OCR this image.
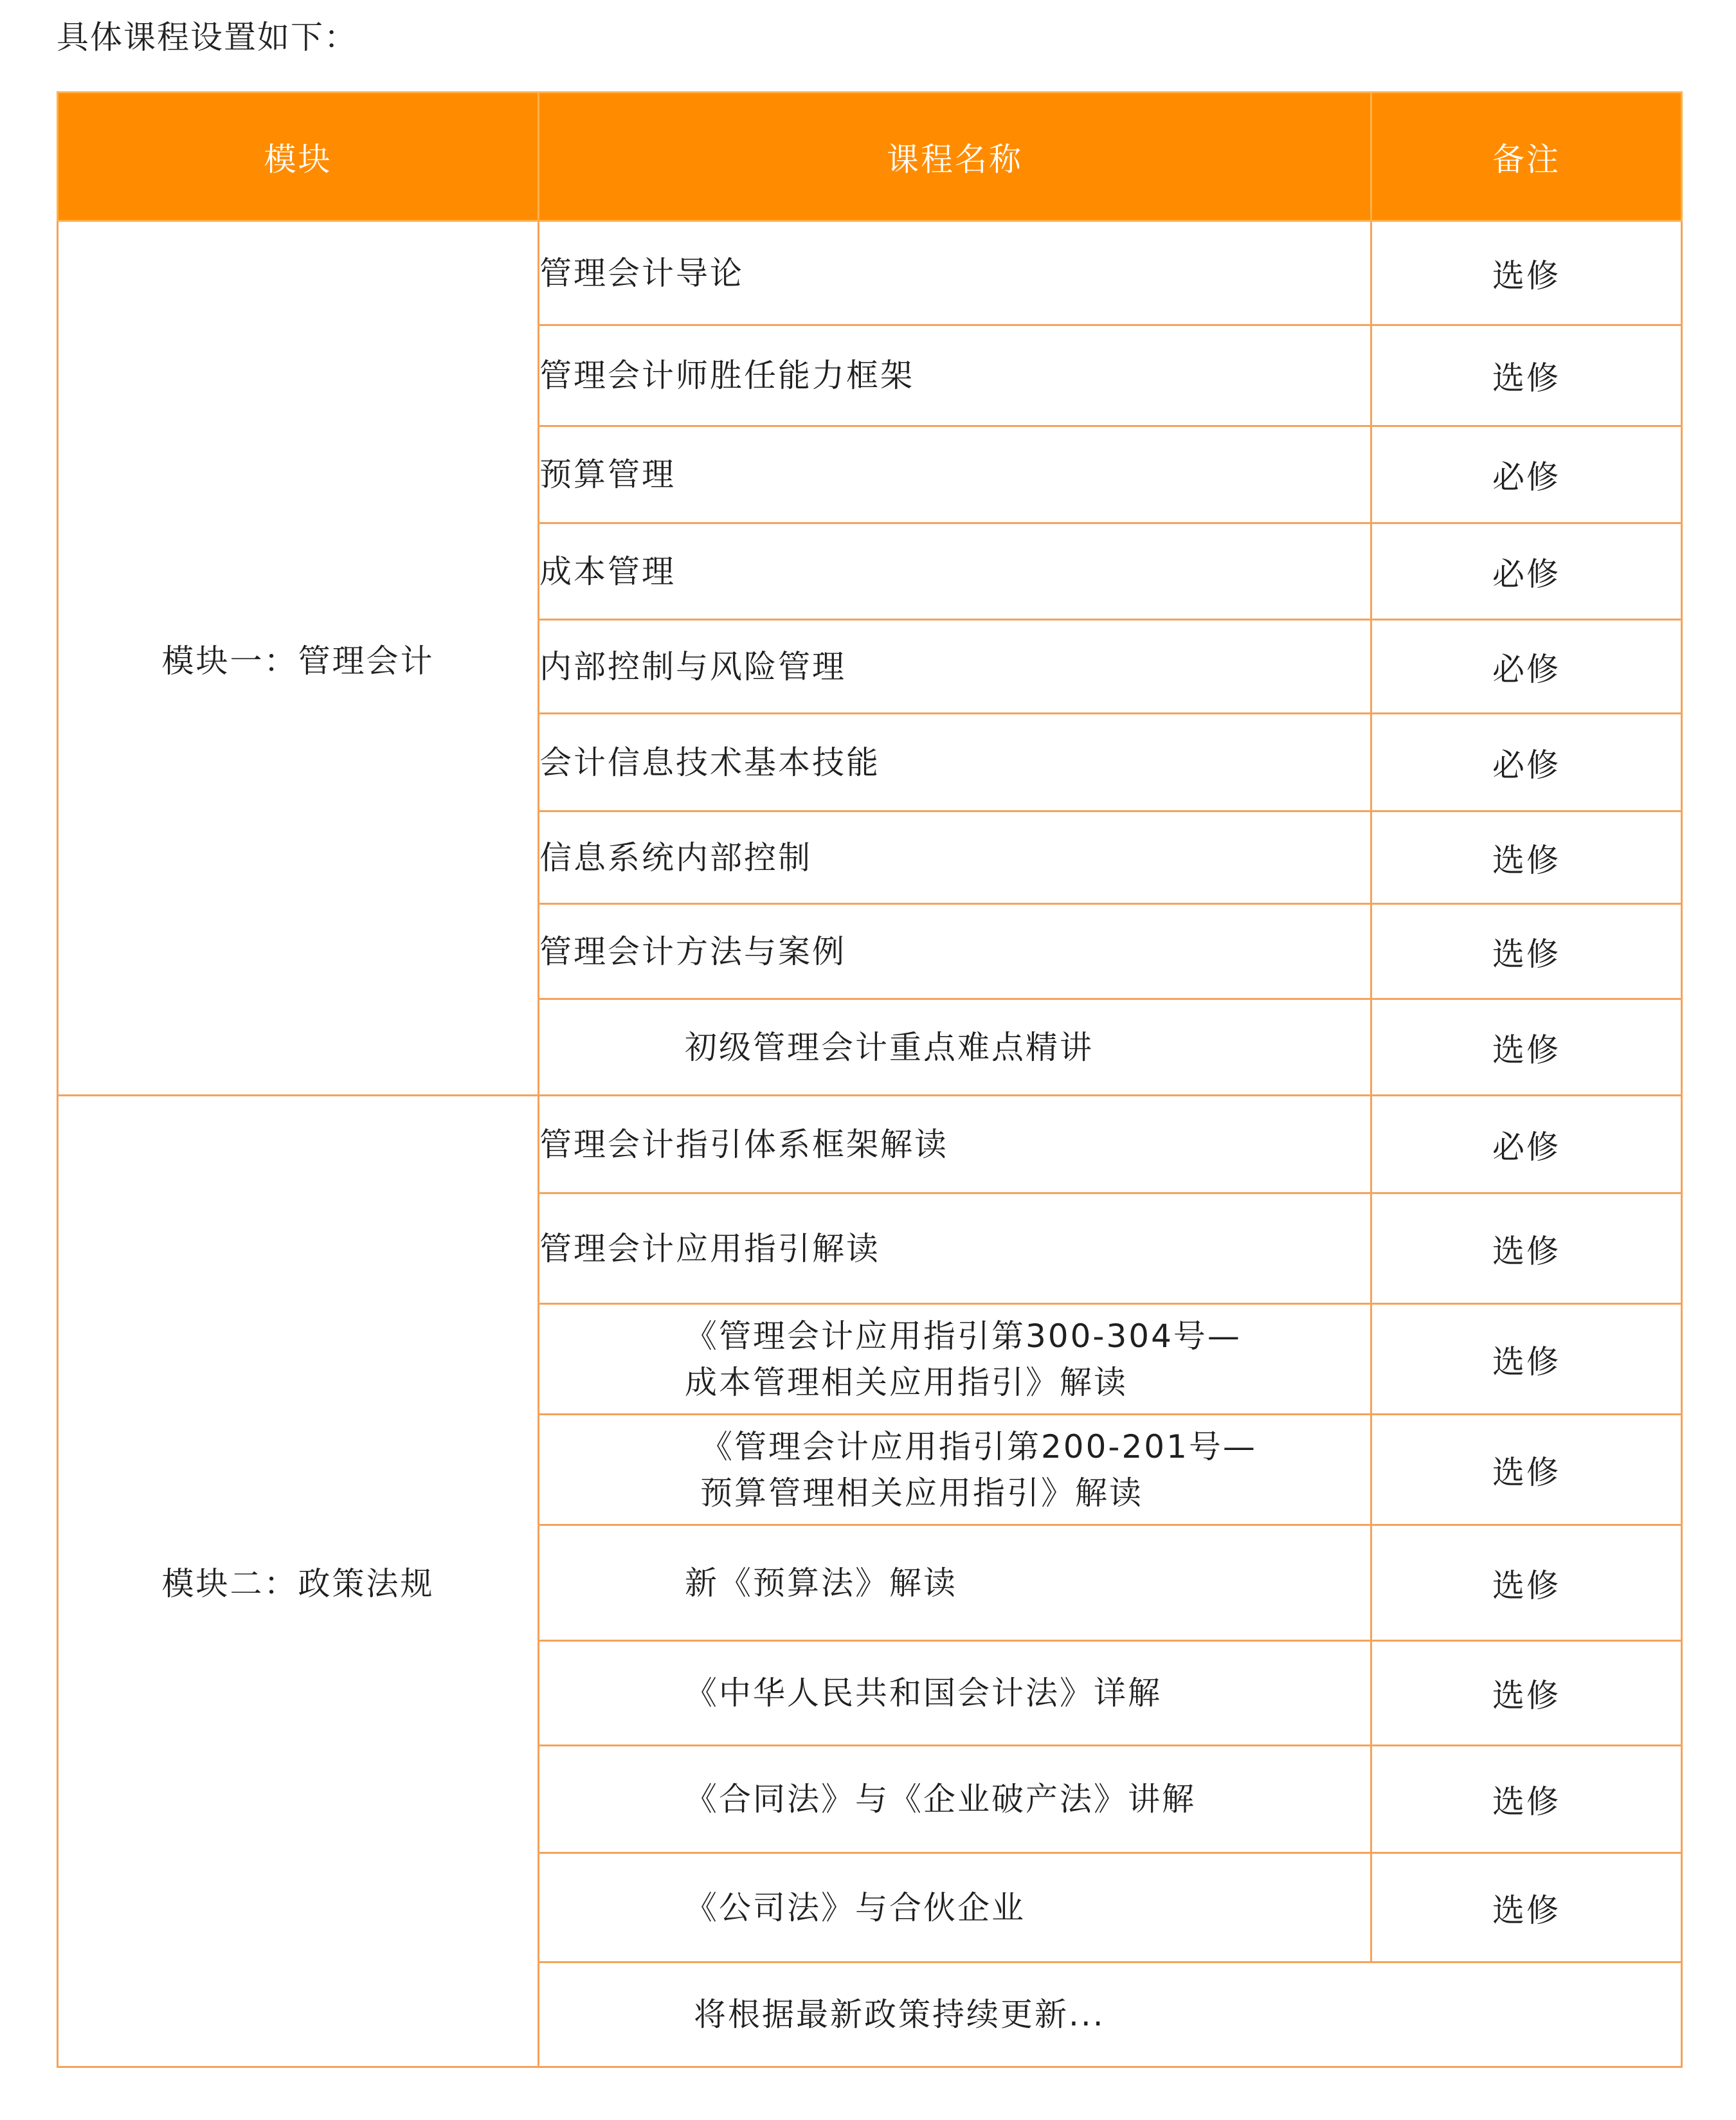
具体课程设置如下：
模块	课程名称	备注
模块一：管理会计	管理会计导论	选修
	管理会计师胜任能力框架	选修
	预算管理	必修
	成本管理	必修
	内部控制与风险管理	必修
	会计信息技术基本技能	必修
	信息系统内部控制	选修
	管理会计方法与案例	选修
	初级管理会计重点难点精讲	选修
模块二：政策法规	管理会计指引体系框架解读	必修
	管理会计应用指引解读	选修

	《管理会计应用指引第300-304号—
成本管理相关应用指引》解读	选修

	《管理会计应用指引第200-201号—
预算管理相关应用指引》解读	选修
	新《预算法》解读	选修
	《中华人民共和国会计法》详解	选修
	《合同法》与《企业破产法》讲解	选修
	《公司法》与合伙企业	选修
	将根据最新政策持续更新...	
